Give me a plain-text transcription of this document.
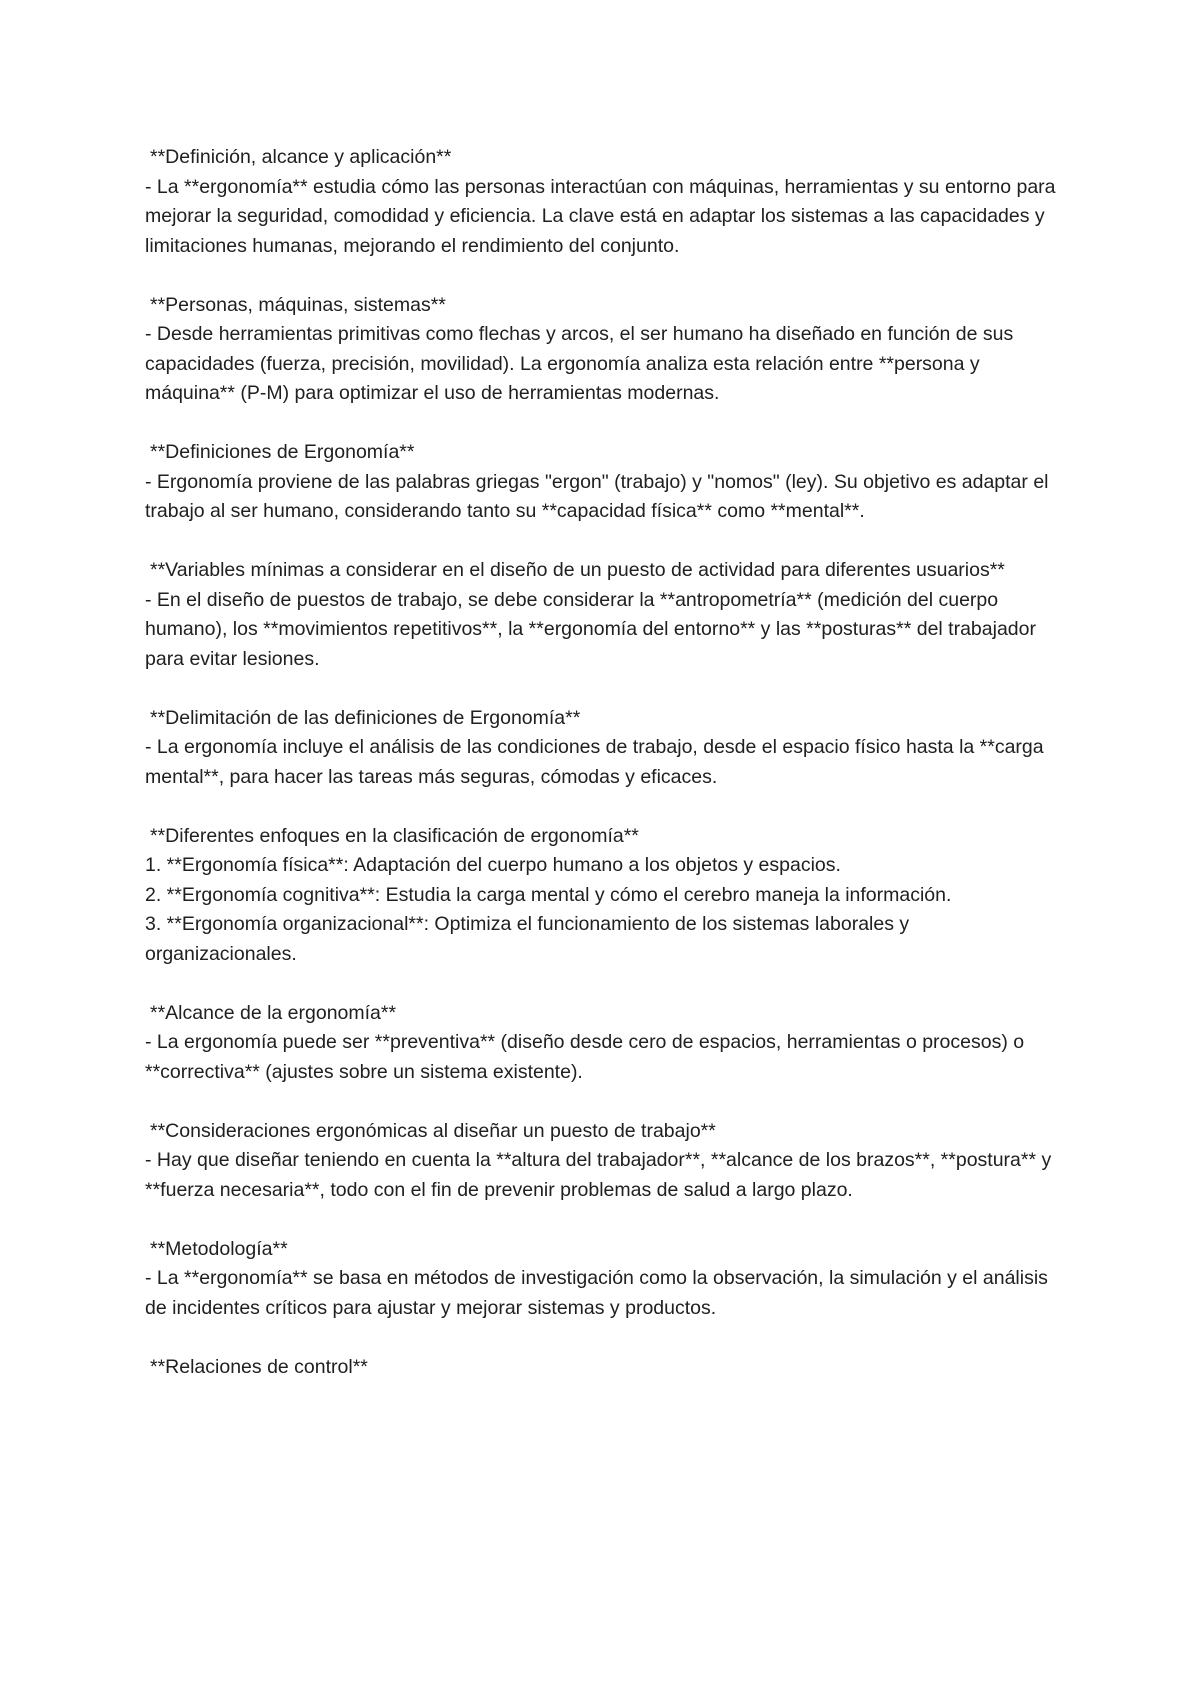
**Definición, alcance y aplicación**
- La **ergonomía** estudia cómo las personas interactúan con máquinas, herramientas y su entorno para mejorar la seguridad, comodidad y eficiencia. La clave está en adaptar los sistemas a las capacidades y limitaciones humanas, mejorando el rendimiento del conjunto.
**Personas, máquinas, sistemas**
- Desde herramientas primitivas como flechas y arcos, el ser humano ha diseñado en función de sus capacidades (fuerza, precisión, movilidad). La ergonomía analiza esta relación entre **persona y máquina** (P-M) para optimizar el uso de herramientas modernas.
**Definiciones de Ergonomía**
- Ergonomía proviene de las palabras griegas "ergon" (trabajo) y "nomos" (ley). Su objetivo es adaptar el trabajo al ser humano, considerando tanto su **capacidad física** como **mental**.
**Variables mínimas a considerar en el diseño de un puesto de actividad para diferentes usuarios**
- En el diseño de puestos de trabajo, se debe considerar la **antropometría** (medición del cuerpo humano), los **movimientos repetitivos**, la **ergonomía del entorno** y las **posturas** del trabajador para evitar lesiones.
**Delimitación de las definiciones de Ergonomía**
- La ergonomía incluye el análisis de las condiciones de trabajo, desde el espacio físico hasta la **carga mental**, para hacer las tareas más seguras, cómodas y eficaces.
**Diferentes enfoques en la clasificación de ergonomía**
1. **Ergonomía física**: Adaptación del cuerpo humano a los objetos y espacios.
2. **Ergonomía cognitiva**: Estudia la carga mental y cómo el cerebro maneja la información.
3. **Ergonomía organizacional**: Optimiza el funcionamiento de los sistemas laborales y organizacionales.
**Alcance de la ergonomía**
- La ergonomía puede ser **preventiva** (diseño desde cero de espacios, herramientas o procesos) o **correctiva** (ajustes sobre un sistema existente).
**Consideraciones ergonómicas al diseñar un puesto de trabajo**
- Hay que diseñar teniendo en cuenta la **altura del trabajador**, **alcance de los brazos**, **postura** y **fuerza necesaria**, todo con el fin de prevenir problemas de salud a largo plazo.
**Metodología**
- La **ergonomía** se basa en métodos de investigación como la observación, la simulación y el análisis de incidentes críticos para ajustar y mejorar sistemas y productos.
**Relaciones de control**
